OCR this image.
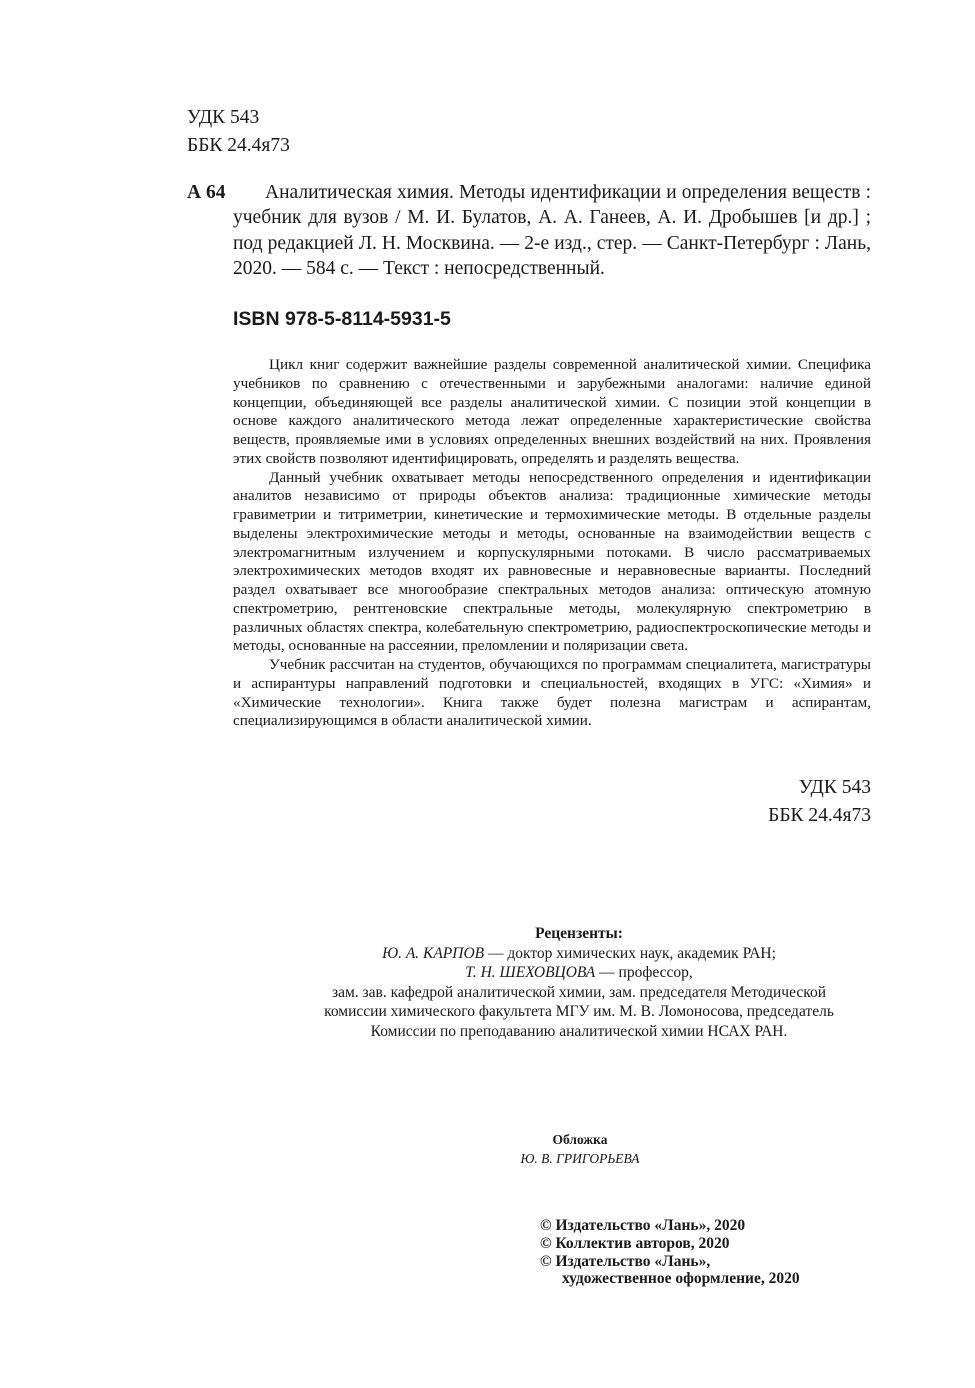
УДК 543
ББК 24.4я73
А 64	Аналитическая химия. Методы идентификации и определения веществ : учебник для вузов / М. И. Булатов, А. А. Ганеев, А. И. Дробышев [и др.] ; под редакцией Л. Н. Москвина. — 2-е изд., стер. — Санкт-Петербург : Лань, 2020. — 584 с. — Текст : непосредственный.
ISBN 978-5-8114-5931-5

Цикл книг содержит важнейшие разделы современной аналитической химии. Специфика учебников по сравнению с отечественными и зарубежными аналогами: наличие единой концепции, объединяющей все разделы аналитической химии. С позиции этой концепции в основе каждого аналитического метода лежат определенные характеристические свойства веществ, проявляемые ими в условиях определенных внешних воздействий на них. Проявления этих свойств позволяют идентифицировать, определять и разделять вещества.

Данный учебник охватывает методы непосредственного определения и идентификации аналитов независимо от природы объектов анализа: традиционные химические методы гравиметрии и титриметрии, кинетические и термохимические методы. В отдельные разделы выделены электрохимические методы и методы, основанные на взаимодействии веществ с электромагнитным излучением и корпускулярными потоками. В число рассматриваемых электрохимических методов входят их равновесные и неравновесные варианты. Последний раздел охватывает все многообразие спектральных методов анализа: оптическую атомную спектрометрию, рентгеновские спектральные методы, молекулярную спектрометрию в различных областях спектра, колебательную спектрометрию, радиоспектроскопические методы и методы, основанные на рассеянии, преломлении и поляризации света.

Учебник рассчитан на студентов, обучающихся по программам специалитета, магистратуры и аспирантуры направлений подготовки и специальностей, входящих в УГС: «Химия» и «Химические технологии». Книга также будет полезна магистрам и аспирантам, специализирующимся в области аналитической химии.

УДК 543
ББК 24.4я73
Рецензенты:
Ю. А. КАРПОВ — доктор химических наук, академик РАН;
Т. Н. ШЕХОВЦОВА — профессор,
зам. зав. кафедрой аналитической химии, зам. председателя Методической
комиссии химического факультета МГУ им. М. В. Ломоносова, председатель
Комиссии по преподаванию аналитической химии НСАХ РАН.
Обложка
Ю. В. ГРИГОРЬЕВА
© Издательство «Лань», 2020
© Коллектив авторов, 2020
© Издательство «Лань»,
художественное оформление, 2020
